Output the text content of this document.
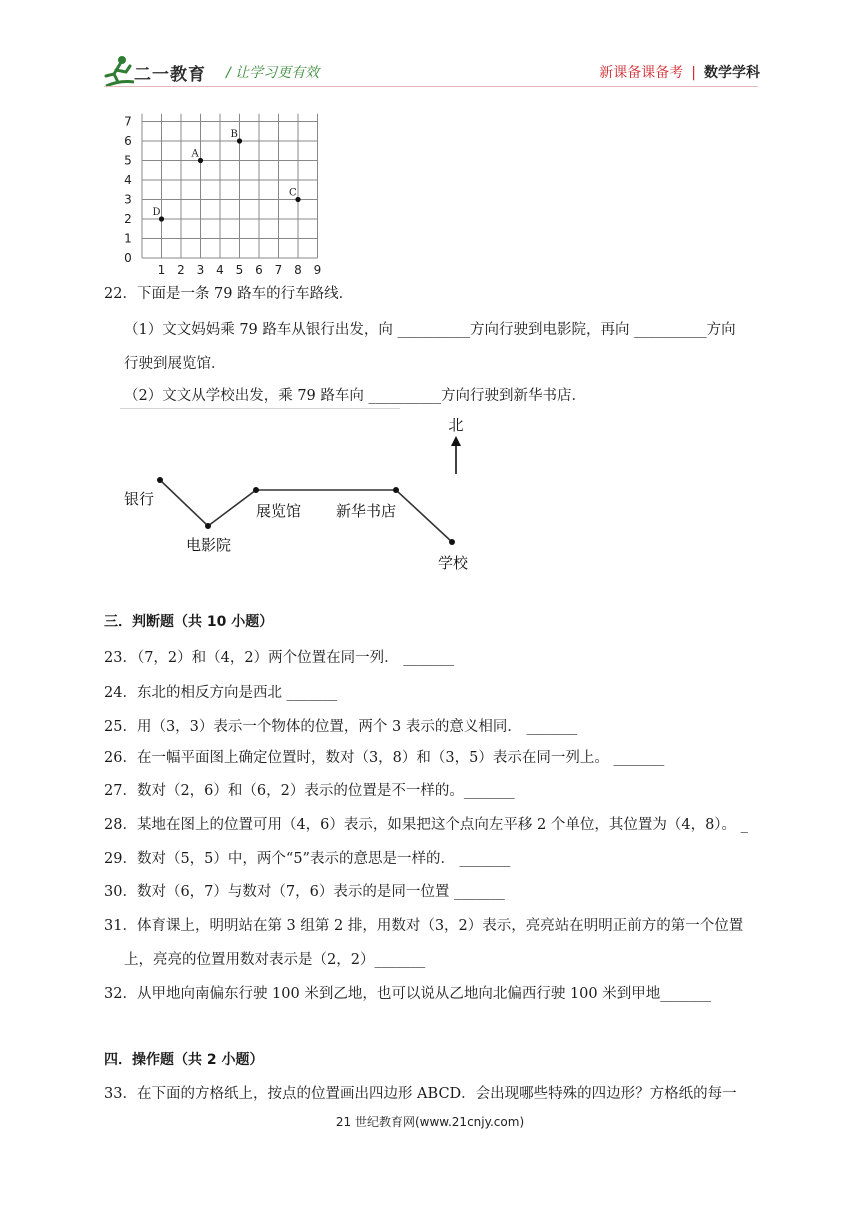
二一教育 / 让学习更有效	新课备课备考 | 数学学科
1 2 3 4 5 6 7 8 9
0
1
2
3
4
5
6
7
A
B
C
D
22．下面是一条 79 路车的行车路线．
（1）文文妈妈乘 79 路车从银行出发，向 __________方向行驶到电影院，再向 __________方向
行驶到展览馆．
（2）文文从学校出发，乘 79 路车向 __________方向行驶到新华书店．
北
银行
电影院
展览馆 新华书店
学校
三．判断题（共 10 小题）
23．（7，2）和（4，2）两个位置在同一列． _______
24．东北的相反方向是西北 _______
25．用（3，3）表示一个物体的位置，两个 3 表示的意义相同． _______
26．在一幅平面图上确定位置时，数对（3，8）和（3，5）表示在同一列上。 _______
27．数对（2，6）和（6，2）表示的位置是不一样的。_______
28．某地在图上的位置可用（4，6）表示，如果把这个点向左平移 2 个单位，其位置为（4，8）。 _
29．数对（5，5）中，两个“5”表示的意思是一样的． _______
30．数对（6，7）与数对（7，6）表示的是同一位置 _______
31．体育课上，明明站在第 3 组第 2 排，用数对（3，2）表示，亮亮站在明明正前方的第一个位置
上，亮亮的位置用数对表示是（2，2）_______
32．从甲地向南偏东行驶 100 米到乙地，也可以说从乙地向北偏西行驶 100 米到甲地_______
四．操作题（共 2 小题）
33．在下面的方格纸上，按点的位置画出四边形 ABCD．会出现哪些特殊的四边形？方格纸的每一
21 世纪教育网(www.21cnjy.com)
